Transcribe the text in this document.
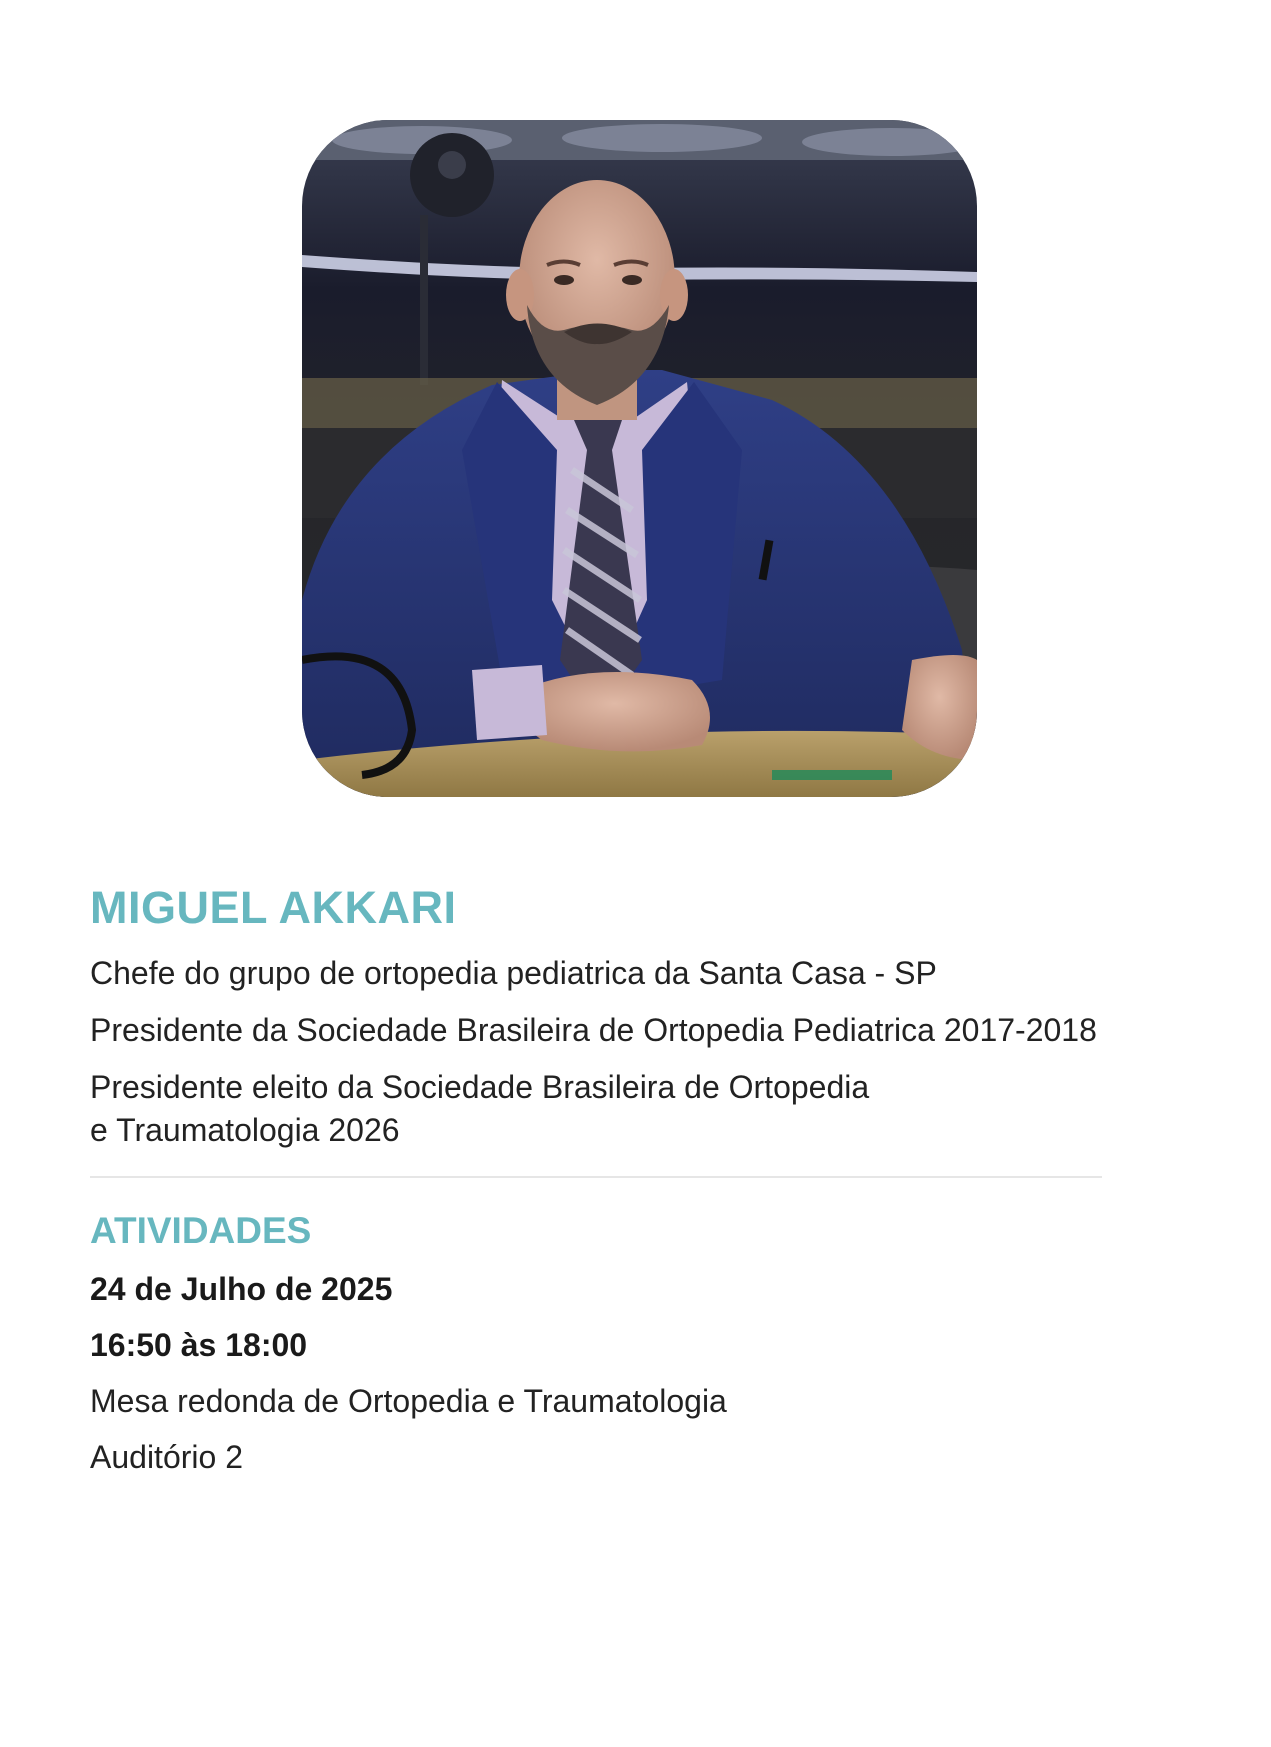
MIGUEL AKKARI

Chefe do grupo de ortopedia pediatrica da Santa Casa - SP

Presidente da Sociedade Brasileira de Ortopedia Pediatrica 2017-2018

Presidente eleito da Sociedade Brasileira de Ortopedia
e Traumatologia 2026

ATIVIDADES

24 de Julho de 2025

16:50 às 18:00

Mesa redonda de Ortopedia e Traumatologia

Auditório 2
